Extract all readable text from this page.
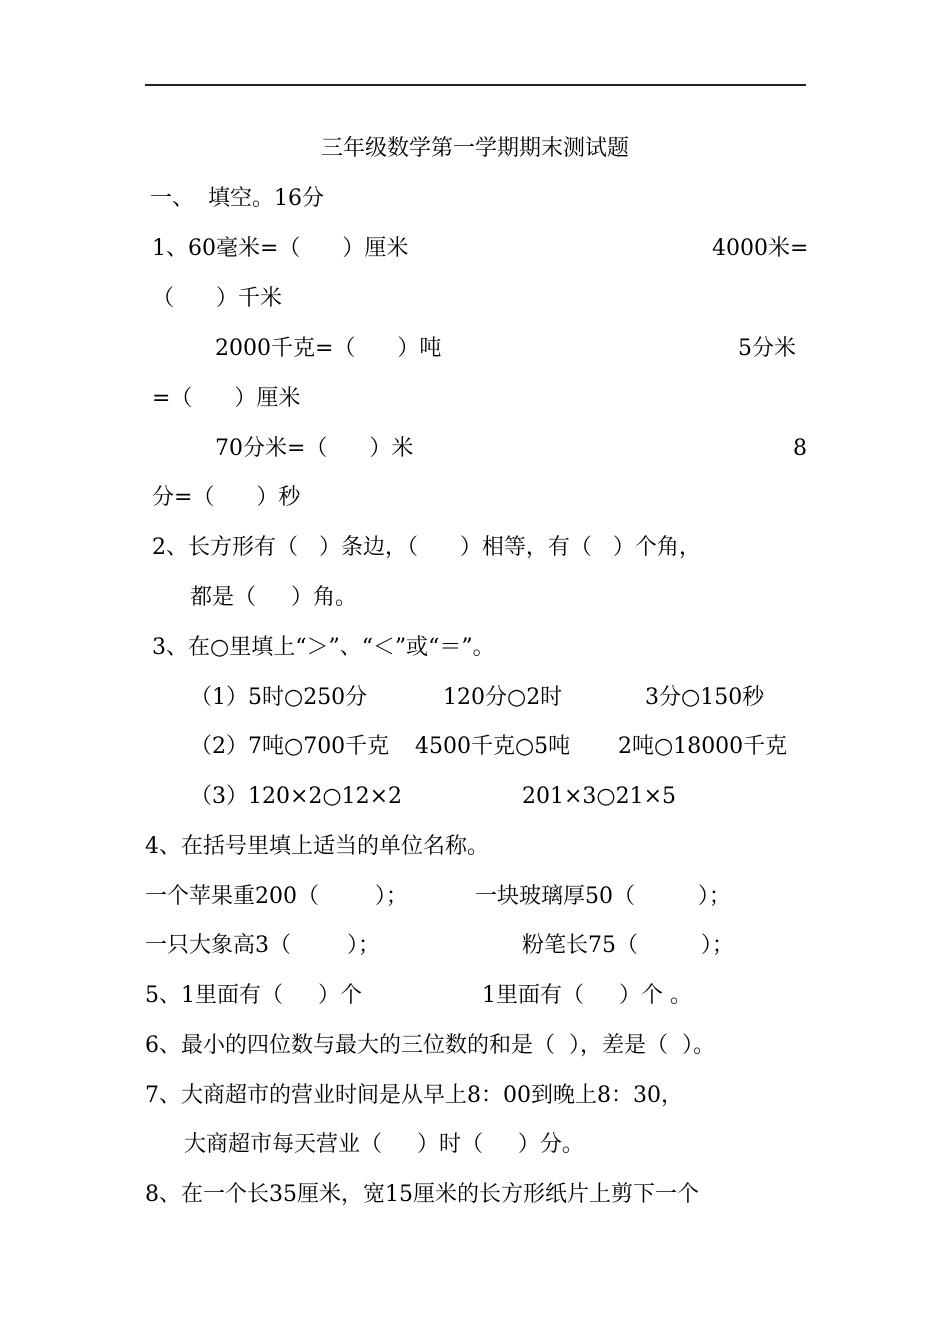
三年级数学第一学期期末测试题
一、  填空。16分
1、60毫米=（      ）厘米	4000米=
（      ）千米
2000千克=（      ）吨	5分米
=（      ）厘米
70分米=（      ）米	8
分=（      ）秒
2、长方形有（   ）条边，（      ）相等，有（   ）个角，
都是（     ）角。
3、在○里填上“＞”、“＜”或“＝”。
（1）5时○250分	120分○2时	3分○150秒
（2）7吨○700千克 4500千克○5吨 2吨○18000千克
（3）120×2○12×2	201×3○21×5
4、在括号里填上适当的单位名称。
一个苹果重200（        ）；	一块玻璃厚50（         ）；
一只大象高3（        ）；	粉笔长75（         ）；
5、1里面有（     ）个	1里面有（     ）个 。
6、最小的四位数与最大的三位数的和是（  ），差是（  ）。
7、大商超市的营业时间是从早上8：00到晚上8：30，
大商超市每天营业（     ）时（     ）分。
8、在一个长35厘米，宽15厘米的长方形纸片上剪下一个
